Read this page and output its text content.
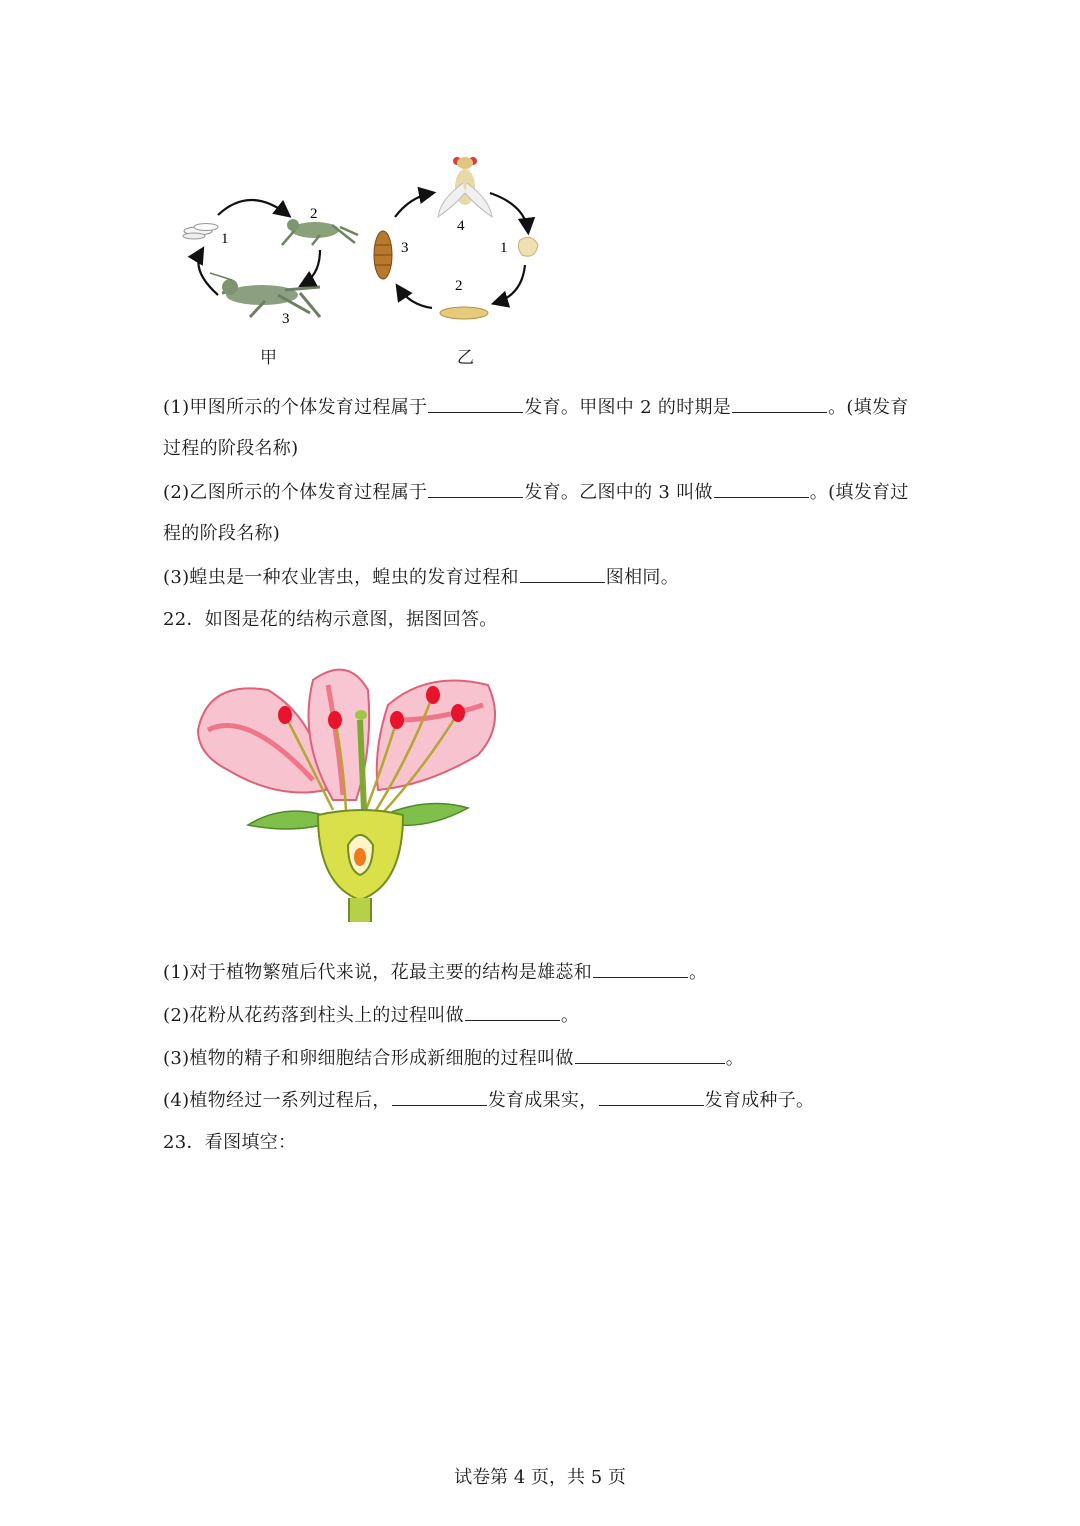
1
2
3
4
1
2
3
甲	乙
(1)甲图所示的个体发育过程属于	发育。甲图中 2 的时期是	。(填发育
过程的阶段名称)
(2)乙图所示的个体发育过程属于	发育。乙图中的 3 叫做	。(填发育过
程的阶段名称)
(3)蝗虫是一种农业害虫，蝗虫的发育过程和	图相同。
22．如图是花的结构示意图，据图回答。
(1)对于植物繁殖后代来说，花最主要的结构是雄蕊和	。
(2)花粉从花药落到柱头上的过程叫做	。
(3)植物的精子和卵细胞结合形成新细胞的过程叫做	。
(4)植物经过一系列过程后，	发育成果实，	发育成种子。
23．看图填空：
试卷第 4 页，共 5 页
